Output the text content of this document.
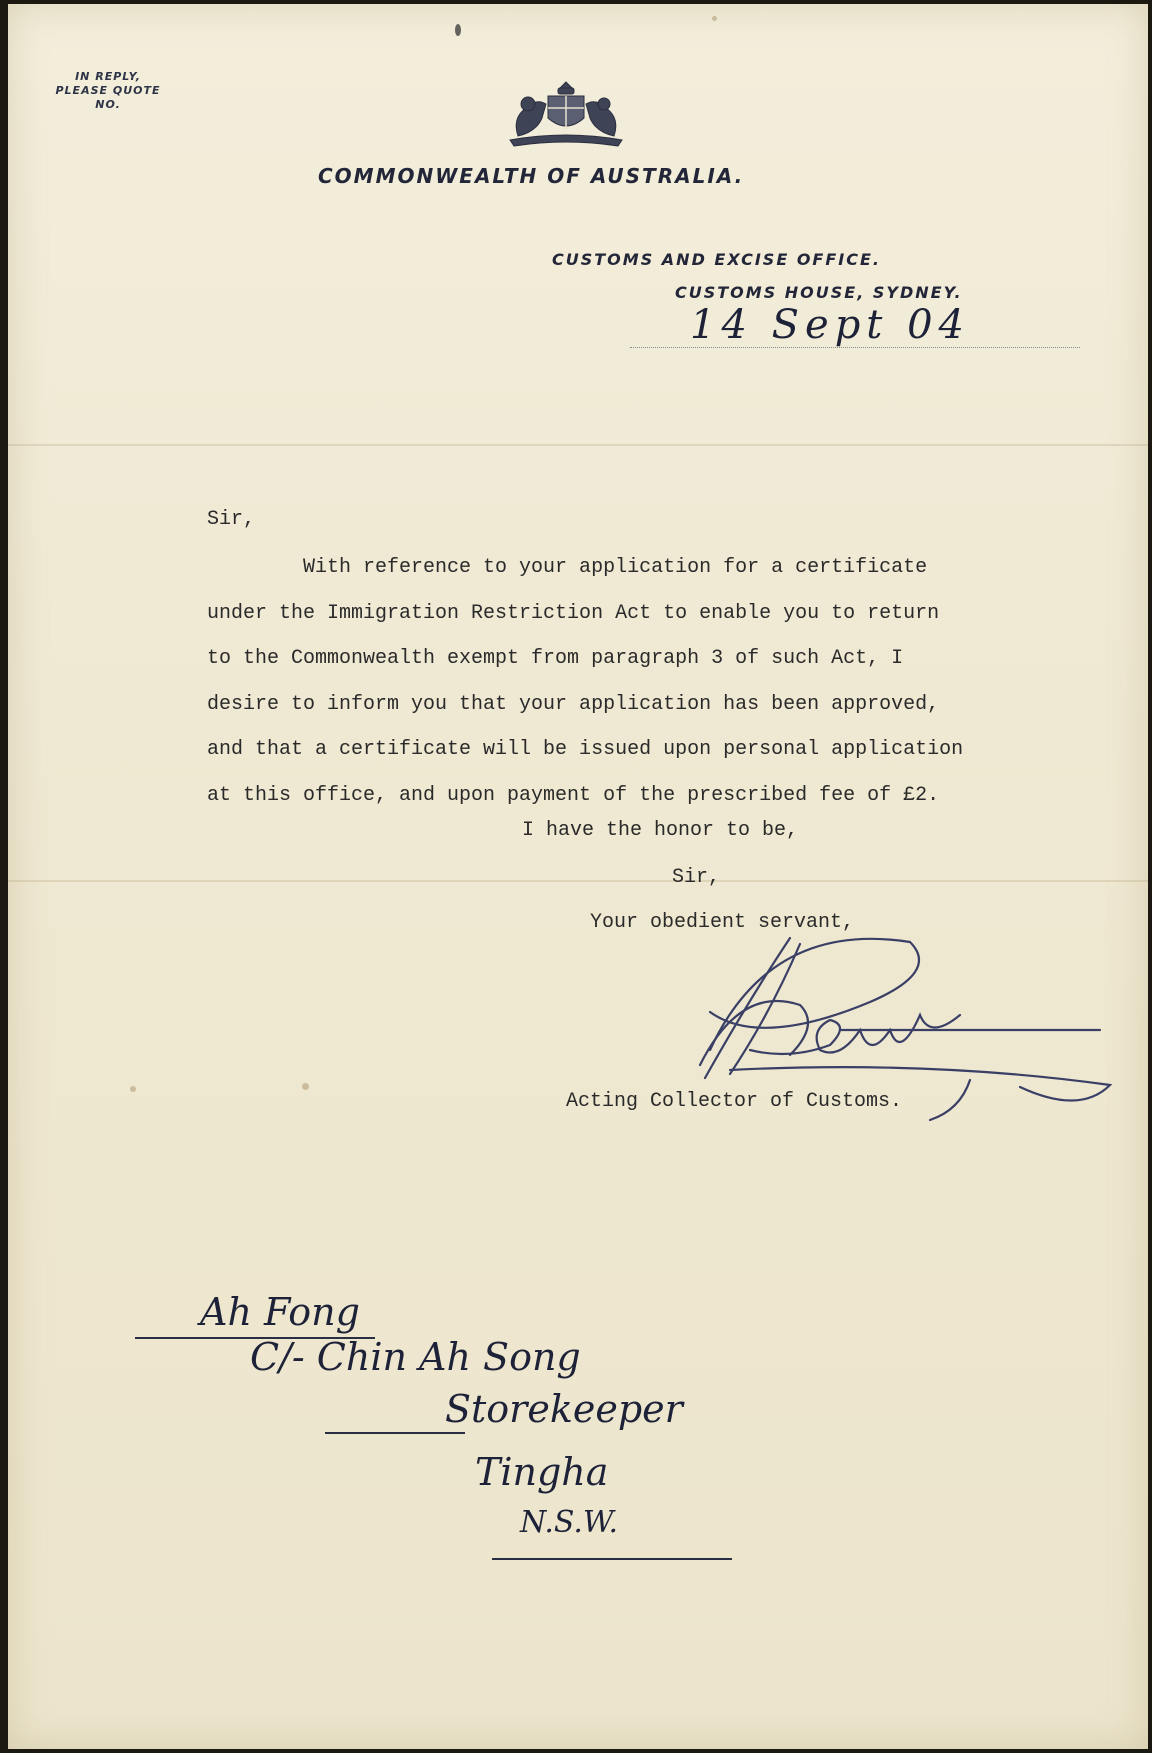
IN REPLY,
PLEASE QUOTE
NO.
COMMONWEALTH OF AUSTRALIA.
CUSTOMS AND EXCISE OFFICE.
CUSTOMS HOUSE, SYDNEY.
14 Sept 04
Sir,

With reference to your application for a certificate

under the Immigration Restriction Act to enable you to return

to the Commonwealth exempt from paragraph 3 of such Act, I

desire to inform you that your application has been approved,

and that a certificate will be issued upon personal application

at this office, and upon payment of the prescribed fee of £2.

I have the honor to be,
Sir,
Your obedient servant,
Acting Collector of Customs.
Ah Fong
C/- Chin Ah Song
Storekeeper
Tingha
N.S.W.
